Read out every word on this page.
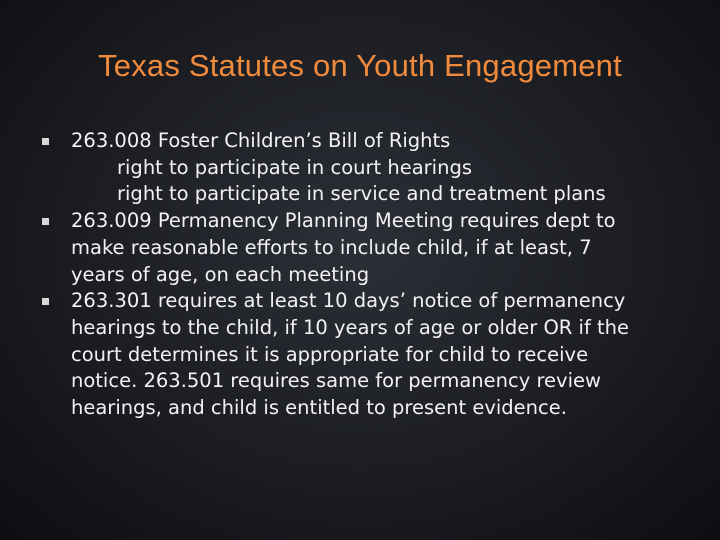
Texas Statutes on Youth Engagement
263.008 Foster Children’s Bill of Rights
right to participate in court hearings
right to participate in service and treatment plans
263.009 Permanency Planning Meeting requires dept to
make reasonable efforts to include child, if at least, 7
years of age, on each meeting
263.301 requires at least 10 days’ notice of permanency
hearings to the child, if 10 years of age or older OR if the
court determines it is appropriate for child to receive
notice. 263.501 requires same for permanency review
hearings, and child is entitled to present evidence.
